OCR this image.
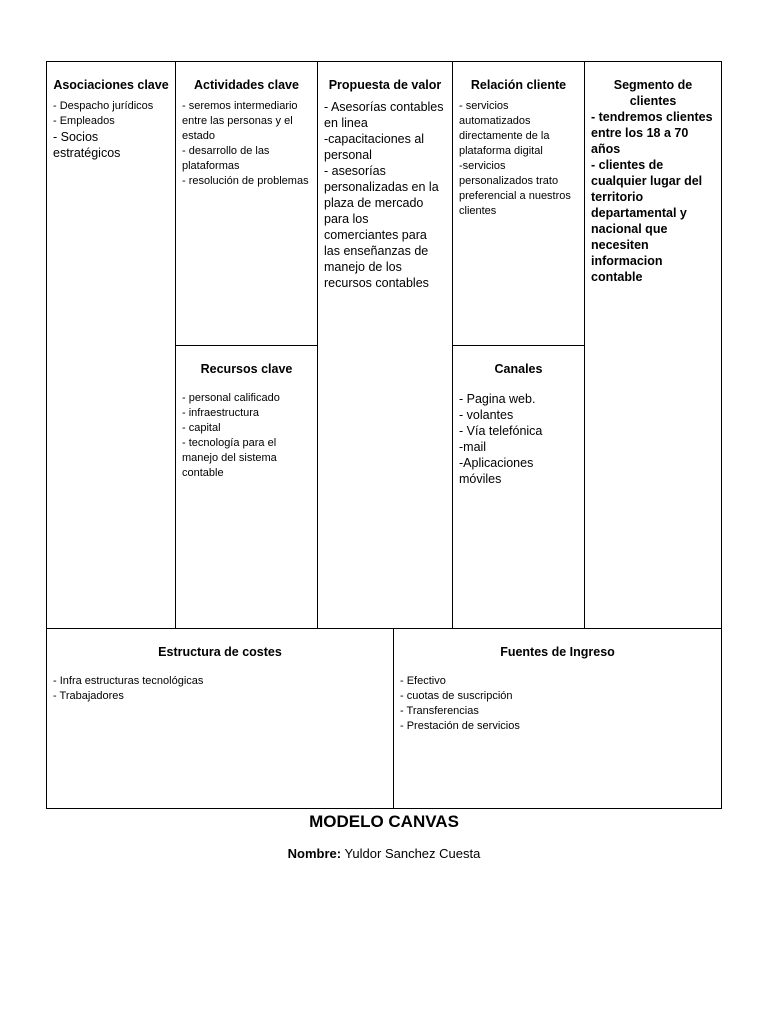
Asociaciones clave
- Despacho jurídicos
- Empleados
- Socios estratégicos
Actividades clave
- seremos intermediario entre las personas y el estado
- desarrollo de las plataformas
- resolución de problemas
Recursos clave
- personal calificado
- infraestructura
- capital
- tecnología para el manejo del sistema contable
Propuesta de valor
- Asesorías contables en linea
-capacitaciones al personal
- asesorías personalizadas en la plaza de mercado para los comerciantes para las enseñanzas de manejo de los recursos contables
Relación cliente
- servicios automatizados directamente de la plataforma digital
-servicios personalizados trato preferencial a nuestros clientes
Canales
- Pagina web.
- volantes
- Vía telefónica
-mail
-Aplicaciones móviles
Segmento de clientes
- tendremos clientes entre los 18 a 70 años
- clientes de cualquier lugar del territorio departamental y nacional que necesiten informacion contable
Estructura de costes
- Infra estructuras tecnológicas
- Trabajadores
Fuentes de Ingreso
- Efectivo
- cuotas de suscripción
- Transferencias
- Prestación de servicios
MODELO CANVAS
Nombre: Yuldor Sanchez Cuesta
